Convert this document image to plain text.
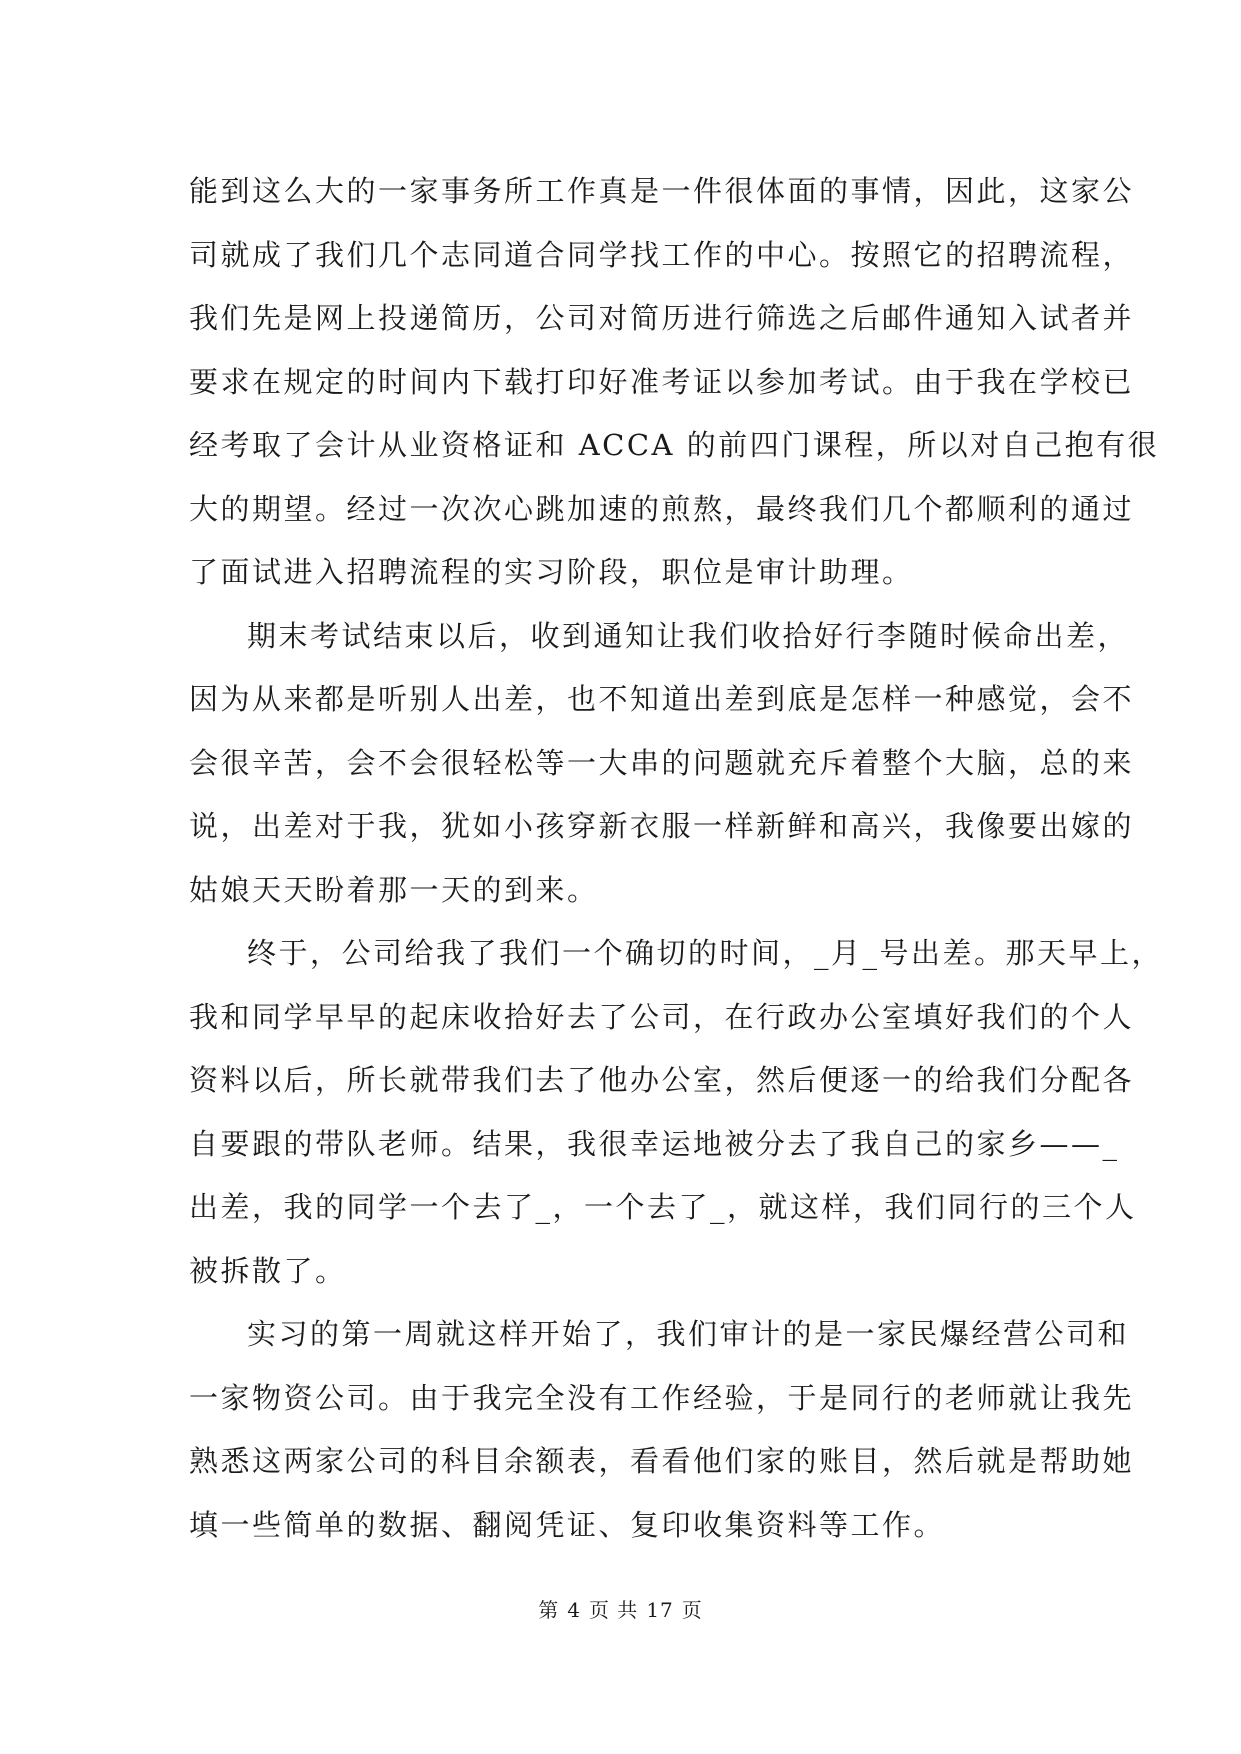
能到这么大的一家事务所工作真是一件很体面的事情，因此，这家公
司就成了我们几个志同道合同学找工作的中心。按照它的招聘流程，
我们先是网上投递简历，公司对简历进行筛选之后邮件通知入试者并
要求在规定的时间内下载打印好准考证以参加考试。由于我在学校已
经考取了会计从业资格证和 ACCA 的前四门课程，所以对自己抱有很
大的期望。经过一次次心跳加速的煎熬，最终我们几个都顺利的通过
了面试进入招聘流程的实习阶段，职位是审计助理。
期末考试结束以后，收到通知让我们收拾好行李随时候命出差，
因为从来都是听别人出差，也不知道出差到底是怎样一种感觉，会不
会很辛苦，会不会很轻松等一大串的问题就充斥着整个大脑，总的来
说，出差对于我，犹如小孩穿新衣服一样新鲜和高兴，我像要出嫁的
姑娘天天盼着那一天的到来。
终于，公司给我了我们一个确切的时间，_月_号出差。那天早上，
我和同学早早的起床收拾好去了公司，在行政办公室填好我们的个人
资料以后，所长就带我们去了他办公室，然后便逐一的给我们分配各
自要跟的带队老师。结果，我很幸运地被分去了我自己的家乡——_
出差，我的同学一个去了_，一个去了_，就这样，我们同行的三个人
被拆散了。
实习的第一周就这样开始了，我们审计的是一家民爆经营公司和
一家物资公司。由于我完全没有工作经验，于是同行的老师就让我先
熟悉这两家公司的科目余额表，看看他们家的账目，然后就是帮助她
填一些简单的数据、翻阅凭证、复印收集资料等工作。
第 4 页 共 17 页
